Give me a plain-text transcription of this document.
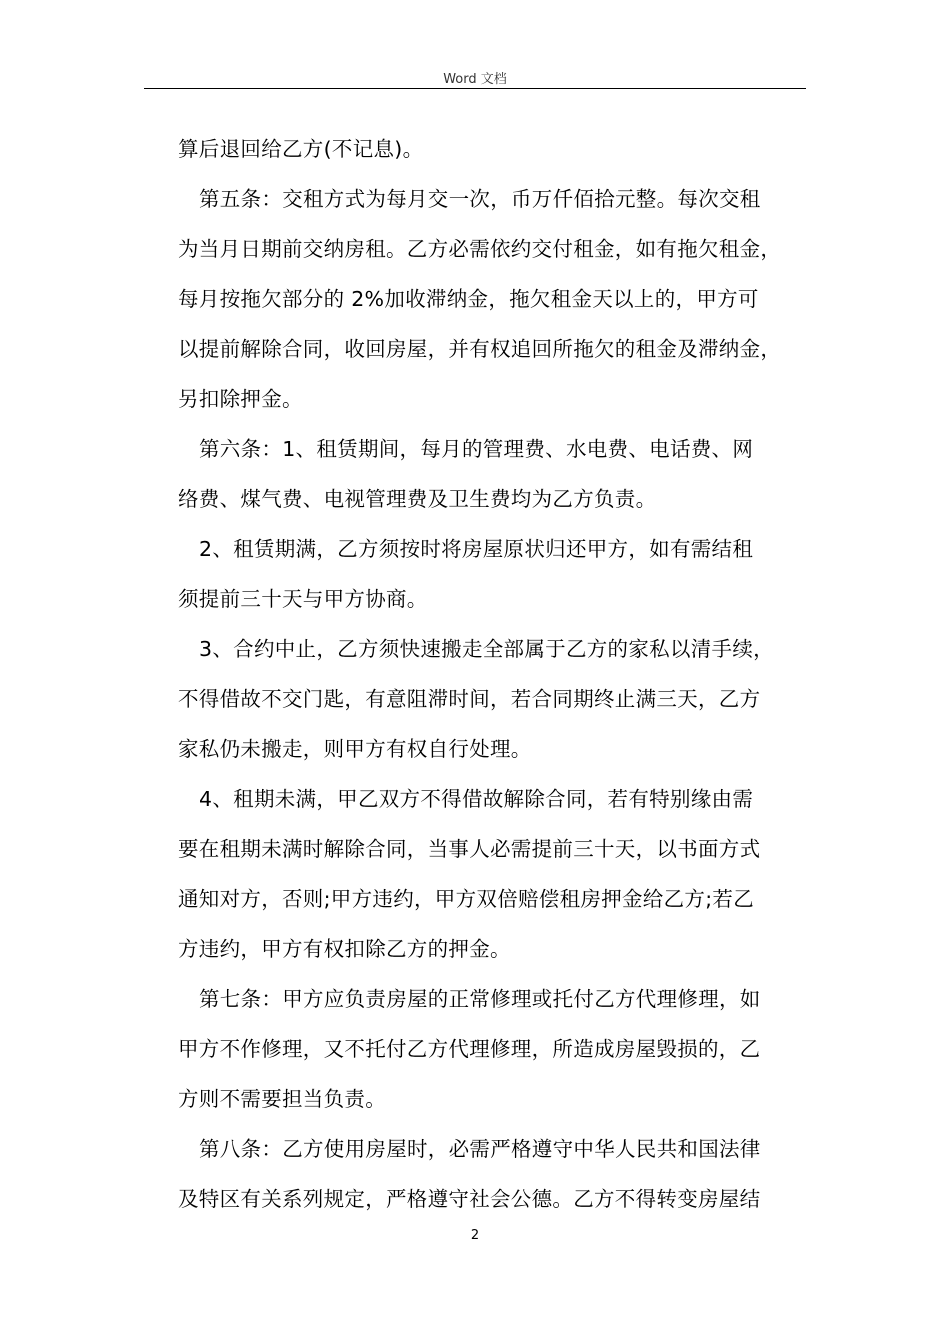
Word 文档
算后退回给乙方(不记息)。
第五条：交租方式为每月交一次，币万仟佰拾元整。每次交租
为当月日期前交纳房租。乙方必需依约交付租金，如有拖欠租金，
每月按拖欠部分的 2%加收滞纳金，拖欠租金天以上的，甲方可
以提前解除合同，收回房屋，并有权追回所拖欠的租金及滞纳金，
另扣除押金。
第六条：1、租赁期间，每月的管理费、水电费、电话费、网
络费、煤气费、电视管理费及卫生费均为乙方负责。
2、租赁期满，乙方须按时将房屋原状归还甲方，如有需结租
须提前三十天与甲方协商。
3、合约中止，乙方须快速搬走全部属于乙方的家私以清手续，
不得借故不交门匙，有意阻滞时间，若合同期终止满三天，乙方
家私仍未搬走，则甲方有权自行处理。
4、租期未满，甲乙双方不得借故解除合同，若有特别缘由需
要在租期未满时解除合同，当事人必需提前三十天，以书面方式
通知对方，否则;甲方违约，甲方双倍赔偿租房押金给乙方;若乙
方违约，甲方有权扣除乙方的押金。
第七条：甲方应负责房屋的正常修理或托付乙方代理修理，如
甲方不作修理，又不托付乙方代理修理，所造成房屋毁损的，乙
方则不需要担当负责。
第八条：乙方使用房屋时，必需严格遵守中华人民共和国法律
及特区有关系列规定，严格遵守社会公德。乙方不得转变房屋结
2
